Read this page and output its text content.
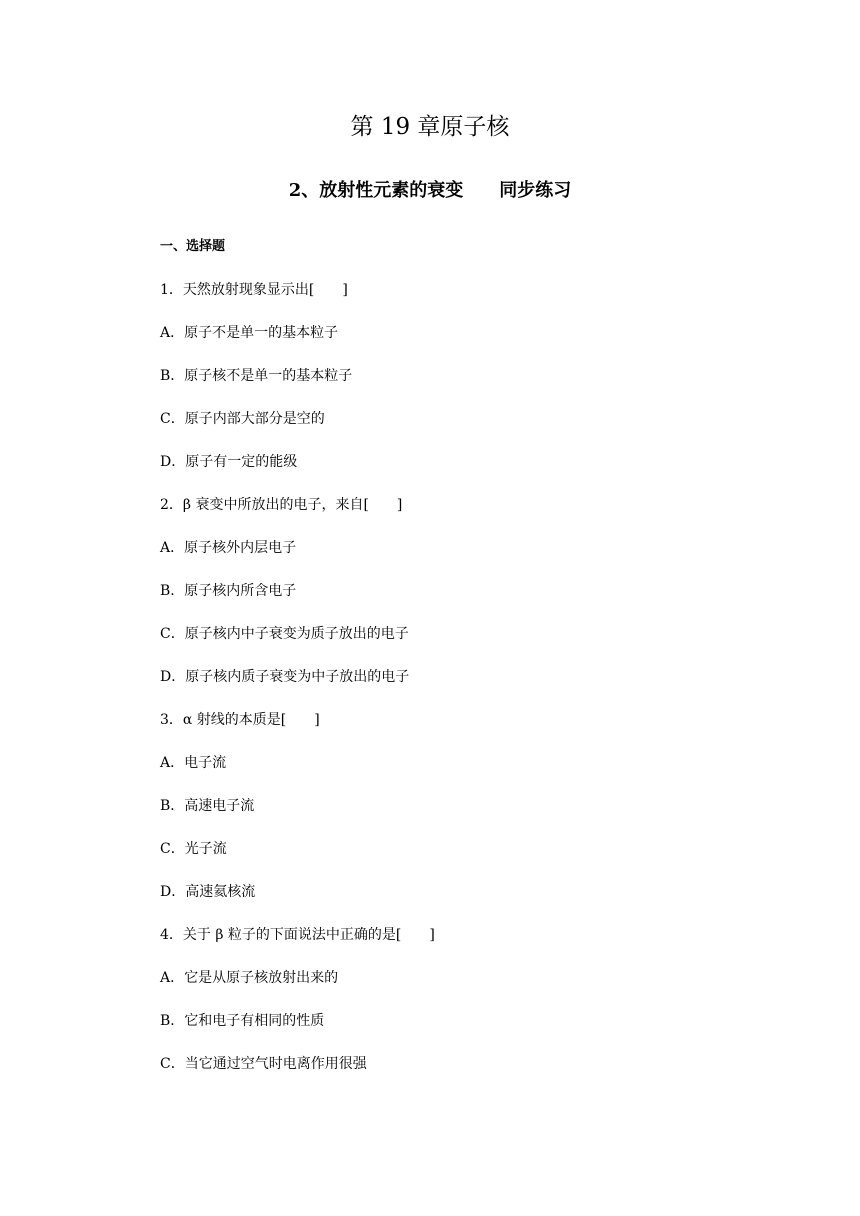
第 19 章原子核
2、放射性元素的衰变　　同步练习
一、选择题
1．天然放射现象显示出[　　]
A．原子不是单一的基本粒子
B．原子核不是单一的基本粒子
C．原子内部大部分是空的
D．原子有一定的能级
2．β 衰变中所放出的电子，来自[　　]
A．原子核外内层电子
B．原子核内所含电子
C．原子核内中子衰变为质子放出的电子
D．原子核内质子衰变为中子放出的电子
3．α 射线的本质是[　　]
A．电子流
B．高速电子流
C．光子流
D．高速氦核流
4．关于 β 粒子的下面说法中正确的是[　　]
A．它是从原子核放射出来的
B．它和电子有相同的性质
C．当它通过空气时电离作用很强
